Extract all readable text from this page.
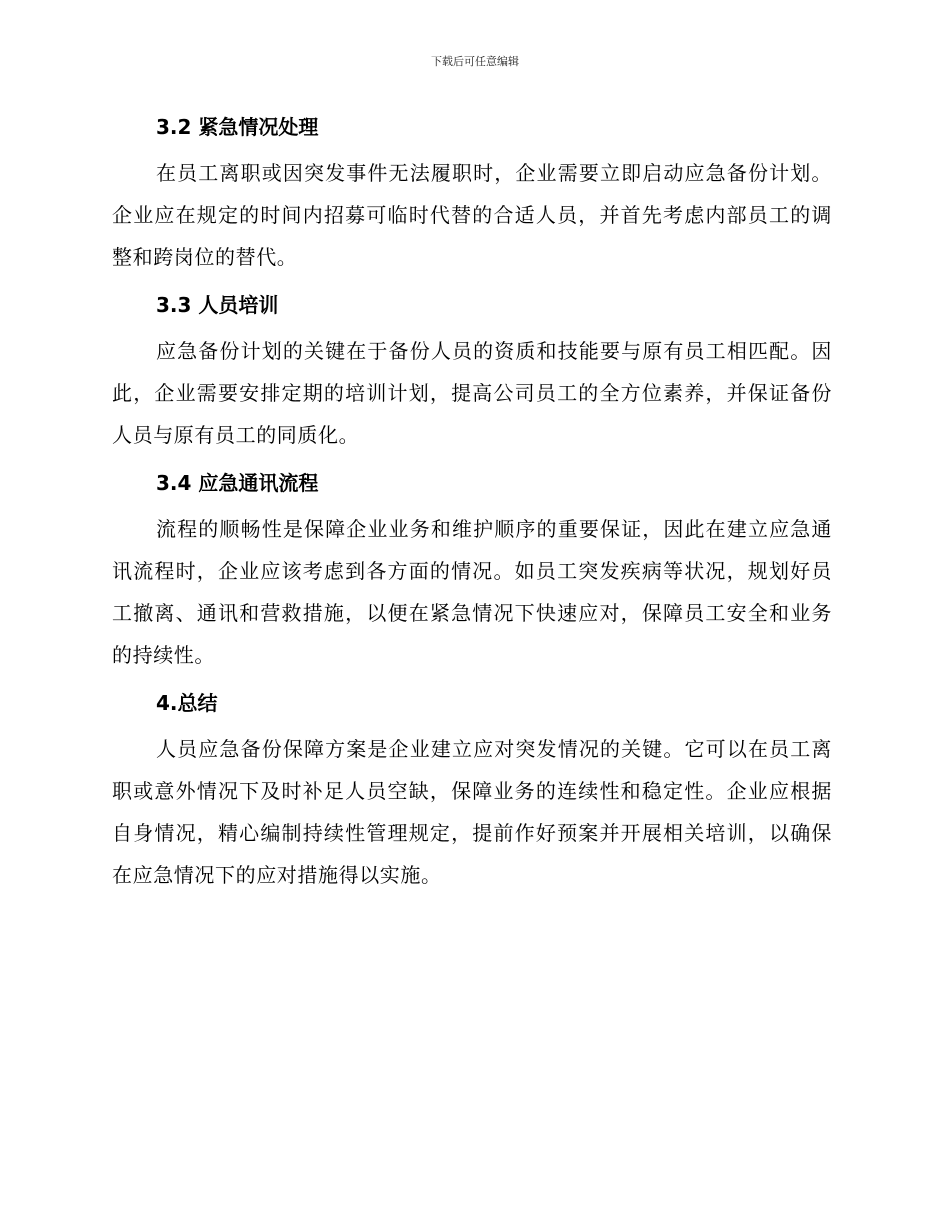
下载后可任意编辑
3.2 紧急情况处理

在员工离职或因突发事件无法履职时，企业需要立即启动应急备份计划。企业应在规定的时间内招募可临时代替的合适人员，并首先考虑内部员工的调整和跨岗位的替代。

3.3 人员培训

应急备份计划的关键在于备份人员的资质和技能要与原有员工相匹配。因此，企业需要安排定期的培训计划，提高公司员工的全方位素养，并保证备份人员与原有员工的同质化。

3.4 应急通讯流程

流程的顺畅性是保障企业业务和维护顺序的重要保证，因此在建立应急通讯流程时，企业应该考虑到各方面的情况。如员工突发疾病等状况，规划好员工撤离、通讯和营救措施，以便在紧急情况下快速应对，保障员工安全和业务的持续性。

4.总结

人员应急备份保障方案是企业建立应对突发情况的关键。它可以在员工离职或意外情况下及时补足人员空缺，保障业务的连续性和稳定性。企业应根据自身情况，精心编制持续性管理规定，提前作好预案并开展相关培训，以确保在应急情况下的应对措施得以实施。
